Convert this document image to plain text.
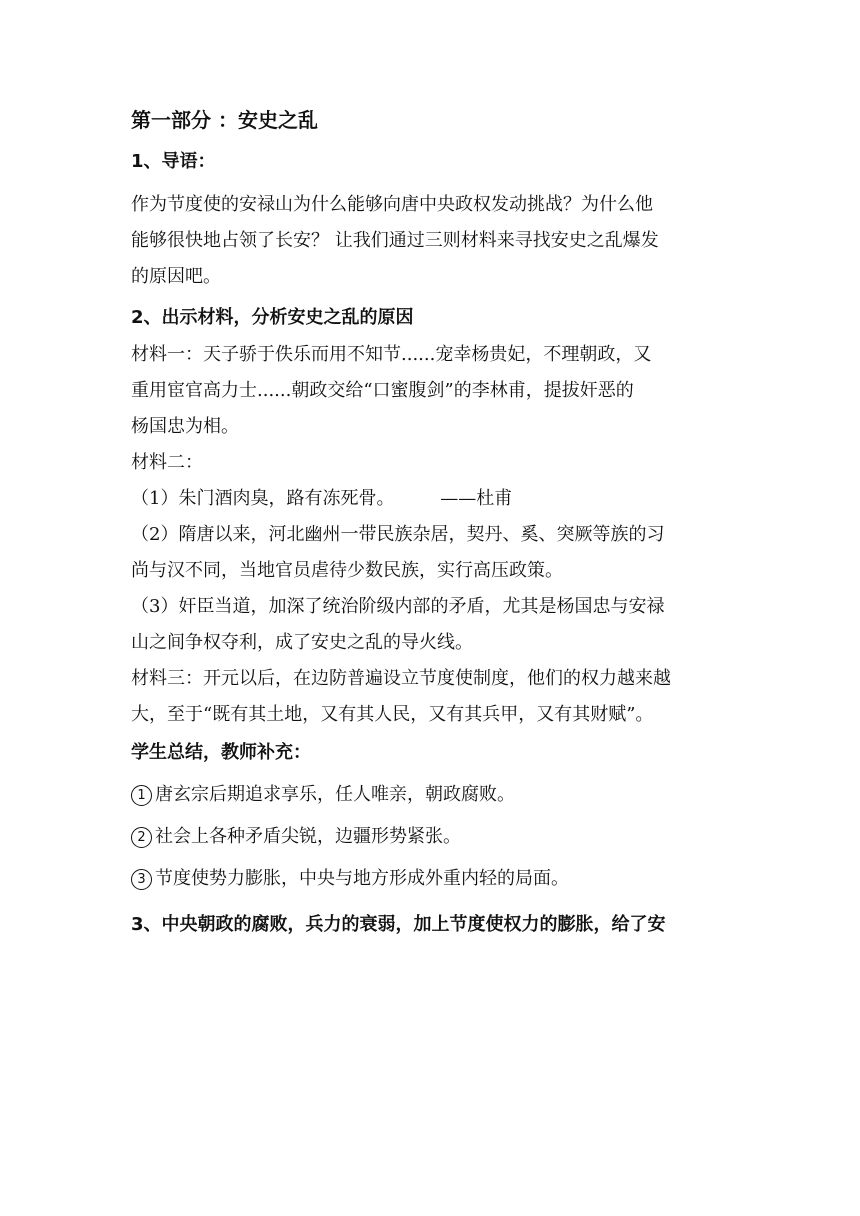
第一部分 ：安史之乱

1、导语：

作为节度使的安禄山为什么能够向唐中央政权发动挑战？为什么他

能够很快地占领了长安？ 让我们通过三则材料来寻找安史之乱爆发

的原因吧。

2、出示材料，分析安史之乱的原因

材料一：天子骄于佚乐而用不知节......宠幸杨贵妃，不理朝政，又

重用宦官高力士......朝政交给“口蜜腹剑”的李林甫，提拔奸恶的

杨国忠为相。

材料二：

（1）朱门酒肉臭，路有冻死骨。        ——杜甫

（2）隋唐以来，河北幽州一带民族杂居，契丹、奚、突厥等族的习

尚与汉不同，当地官员虐待少数民族，实行高压政策。

（3）奸臣当道，加深了统治阶级内部的矛盾，尤其是杨国忠与安禄

山之间争权夺利，成了安史之乱的导火线。

材料三：开元以后，在边防普遍设立节度使制度，他们的权力越来越

大，至于“既有其土地，又有其人民，又有其兵甲，又有其财赋”。

学生总结，教师补充：

1 唐玄宗后期追求享乐，任人唯亲，朝政腐败。

2 社会上各种矛盾尖锐，边疆形势紧张。

3 节度使势力膨胀，中央与地方形成外重内轻的局面。

3、中央朝政的腐败，兵力的衰弱，加上节度使权力的膨胀，给了安
